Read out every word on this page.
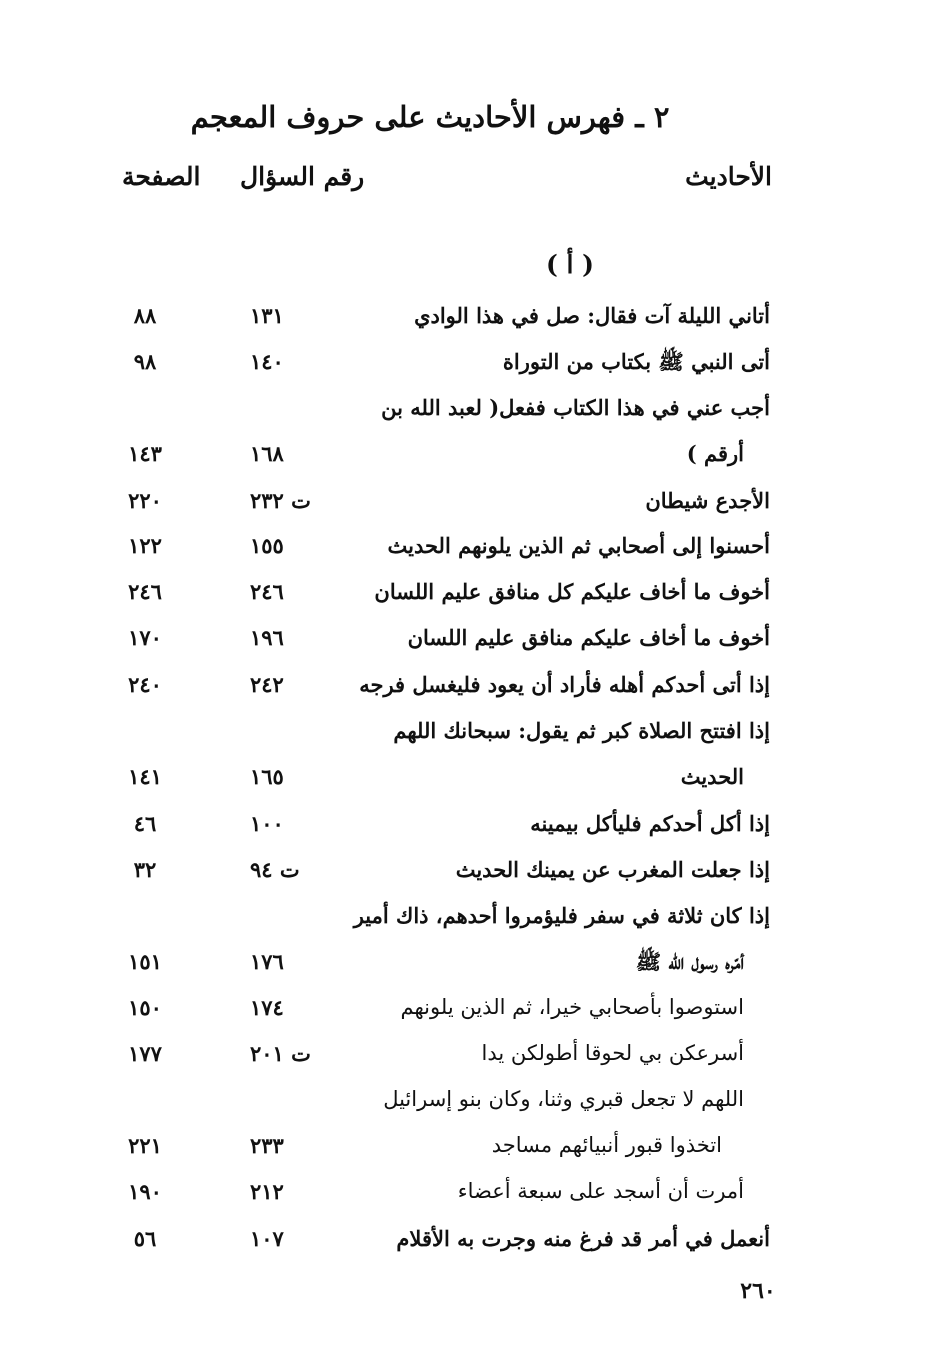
٢ ـ فهرس الأحاديث على حروف المعجم
الأحاديث
رقم السؤال
الصفحة
( أ )
أتاني الليلة آت فقال: صل في هذا الوادي
١٣١
٨٨
أتى النبي ﷺ بكتاب من التوراة
١٤٠
٩٨
أجب عني في هذا الكتاب ففعل( لعبد الله بن
أرقم )
١٦٨
١٤٣
الأجدع شيطان
ت ٢٣٢
٢٢٠
أحسنوا إلى أصحابي ثم الذين يلونهم الحديث
١٥٥
١٢٢
أخوف ما أخاف عليكم كل منافق عليم اللسان
٢٤٦
٢٤٦
أخوف ما أخاف عليكم منافق عليم اللسان
١٩٦
١٧٠
إذا أتى أحدكم أهله فأراد أن يعود فليغسل فرجه
٢٤٢
٢٤٠
إذا افتتح الصلاة كبر ثم يقول: سبحانك اللهم
الحديث
١٦٥
١٤١
إذا أكل أحدكم فليأكل بيمينه
١٠٠
٤٦
إذا جعلت المغرب عن يمينك الحديث
ت ٩٤
٣٢
إذا كان ثلاثة في سفر فليؤمروا أحدهم، ذاك أمير
أمّره رسول الله ﷺ
١٧٦
١٥١
استوصوا بأصحابي خيرا، ثم الذين يلونهم
١٧٤
١٥٠
أسرعكن بي لحوقا أطولكن يدا
ت ٢٠١
١٧٧
اللهم لا تجعل قبري وثنا، وكان بنو إسرائيل
اتخذوا قبور أنبيائهم مساجد
٢٣٣
٢٢١
أمرت أن أسجد على سبعة أعضاء
٢١٢
١٩٠
أنعمل في أمر قد فرغ منه وجرت به الأقلام
١٠٧
٥٦
٢٦٠
